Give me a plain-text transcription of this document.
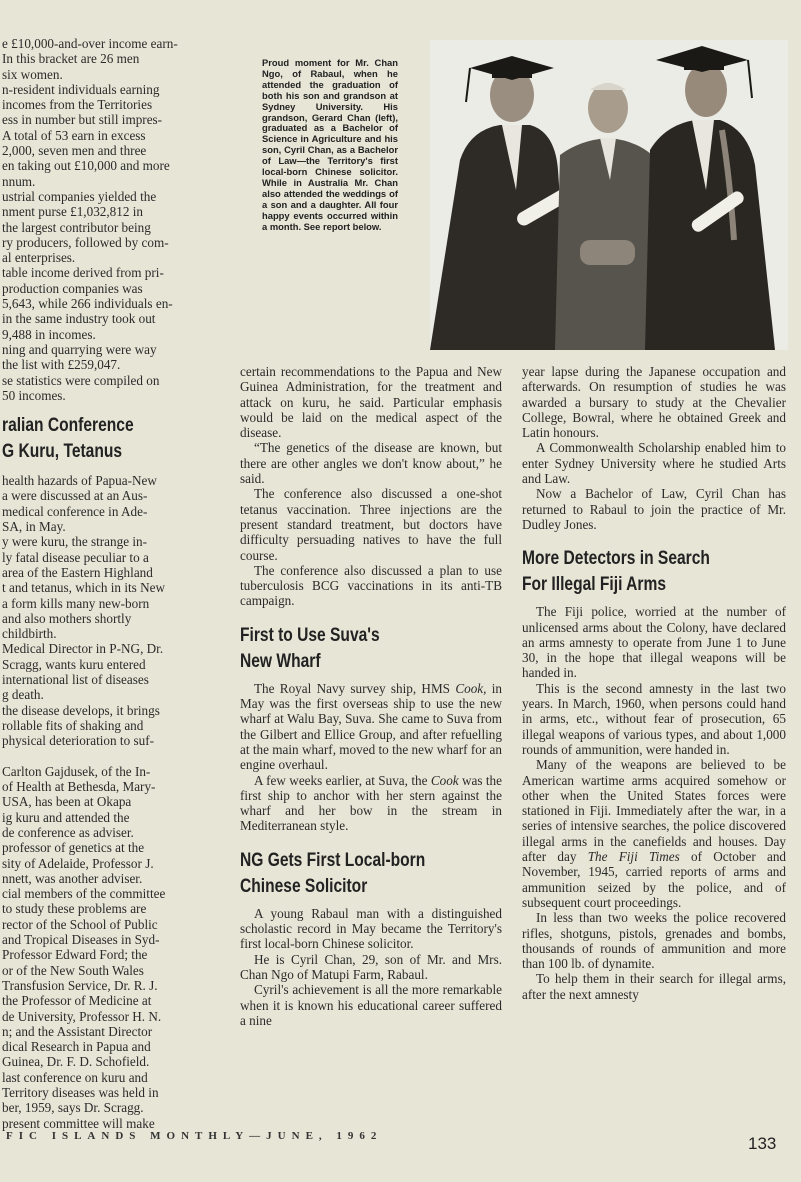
e £10,000-and-over income earn-
In this bracket are 26 men
six women.
n-resident individuals earning
incomes from the Territories
ess in number but still impres-
A total of 53 earn in excess
2,000, seven men and three
en taking out £10,000 and more
nnum.
ustrial companies yielded the
nment purse £1,032,812 in
the largest contributor being
ry producers, followed by com-
al enterprises.
table income derived from pri-
production companies was
5,643, while 266 individuals en-
in the same industry took out
9,488 in incomes.
ning and quarrying were way
the list with £259,047.
se statistics were compiled on
50 incomes.
ralian Conference
G Kuru, Tetanus
health hazards of Papua-New
a were discussed at an Aus-
medical conference in Ade-
SA, in May.
y were kuru, the strange in-
ly fatal disease peculiar to a
area of the Eastern Highland
t and tetanus, which in its New
a form kills many new-born
and also mothers shortly
childbirth.
Medical Director in P-NG, Dr.
Scragg, wants kuru entered
international list of diseases
g death.
the disease develops, it brings
rollable fits of shaking and
physical deterioration to suf-

Carlton Gajdusek, of the In-
of Health at Bethesda, Mary-
USA, has been at Okapa
ig kuru and attended the
de conference as adviser.
professor of genetics at the
sity of Adelaide, Professor J.
nnett, was another adviser.
cial members of the committee
to study these problems are
rector of the School of Public
and Tropical Diseases in Syd-
Professor Edward Ford; the
or of the New South Wales
Transfusion Service, Dr. R. J.
the Professor of Medicine at
de University, Professor H. N.
n; and the Assistant Director
dical Research in Papua and
Guinea, Dr. F. D. Schofield.
last conference on kuru and
Territory diseases was held in
ber, 1959, says Dr. Scragg.
present committee will make
Proud moment for Mr. Chan Ngo, of Rabaul, when he attended the graduation of both his son and grandson at Sydney University. His grandson, Gerard Chan (left), graduated as a Bachelor of Science in Agriculture and his son, Cyril Chan, as a Bachelor of Law—the Territory's first local-born Chinese solicitor. While in Australia Mr. Chan also attended the weddings of a son and a daughter. All four happy events occurred within a month. See report below.

certain recommendations to the Papua and New Guinea Administration, for the treatment and attack on kuru, he said. Particular emphasis would be laid on the medical aspect of the disease.

“The genetics of the disease are known, but there are other angles we don't know about,” he said.

The conference also discussed a one-shot tetanus vaccination. Three injections are the present standard treatment, but doctors have difficulty persuading natives to have the full course.

The conference also discussed a plan to use tuberculosis BCG vaccinations in its anti-TB campaign.

First to Use Suva's
New Wharf

The Royal Navy survey ship, HMS Cook, in May was the first overseas ship to use the new wharf at Walu Bay, Suva. She came to Suva from the Gilbert and Ellice Group, and after refuelling at the main wharf, moved to the new wharf for an engine overhaul.

A few weeks earlier, at Suva, the Cook was the first ship to anchor with her stern against the wharf and her bow in the stream in Mediterranean style.

NG Gets First Local-born
Chinese Solicitor

A young Rabaul man with a distinguished scholastic record in May became the Territory's first local-born Chinese solicitor.

He is Cyril Chan, 29, son of Mr. and Mrs. Chan Ngo of Matupi Farm, Rabaul.

Cyril's achievement is all the more remarkable when it is known his educational career suffered a nine

year lapse during the Japanese occupation and afterwards. On resumption of studies he was awarded a bursary to study at the Chevalier College, Bowral, where he obtained Greek and Latin honours.

A Commonwealth Scholarship enabled him to enter Sydney University where he studied Arts and Law.

Now a Bachelor of Law, Cyril Chan has returned to Rabaul to join the practice of Mr. Dudley Jones.

More Detectors in Search
For Illegal Fiji Arms

The Fiji police, worried at the number of unlicensed arms about the Colony, have declared an arms amnesty to operate from June 1 to June 30, in the hope that illegal weapons will be handed in.

This is the second amnesty in the last two years. In March, 1960, when persons could hand in arms, etc., without fear of prosecution, 65 illegal weapons of various types, and about 1,000 rounds of ammunition, were handed in.

Many of the weapons are believed to be American wartime arms acquired somehow or other when the United States forces were stationed in Fiji. Immediately after the war, in a series of intensive searches, the police discovered illegal arms in the canefields and houses. Day after day The Fiji Times of October and November, 1945, carried reports of arms and ammunition seized by the police, and of subsequent court proceedings.

In less than two weeks the police recovered rifles, shotguns, pistols, grenades and bombs, thousands of rounds of ammunition and more than 100 lb. of dynamite.

To help them in their search for illegal arms, after the next amnesty

FIC ISLANDS MONTHLY—JUNE, 1962	133
